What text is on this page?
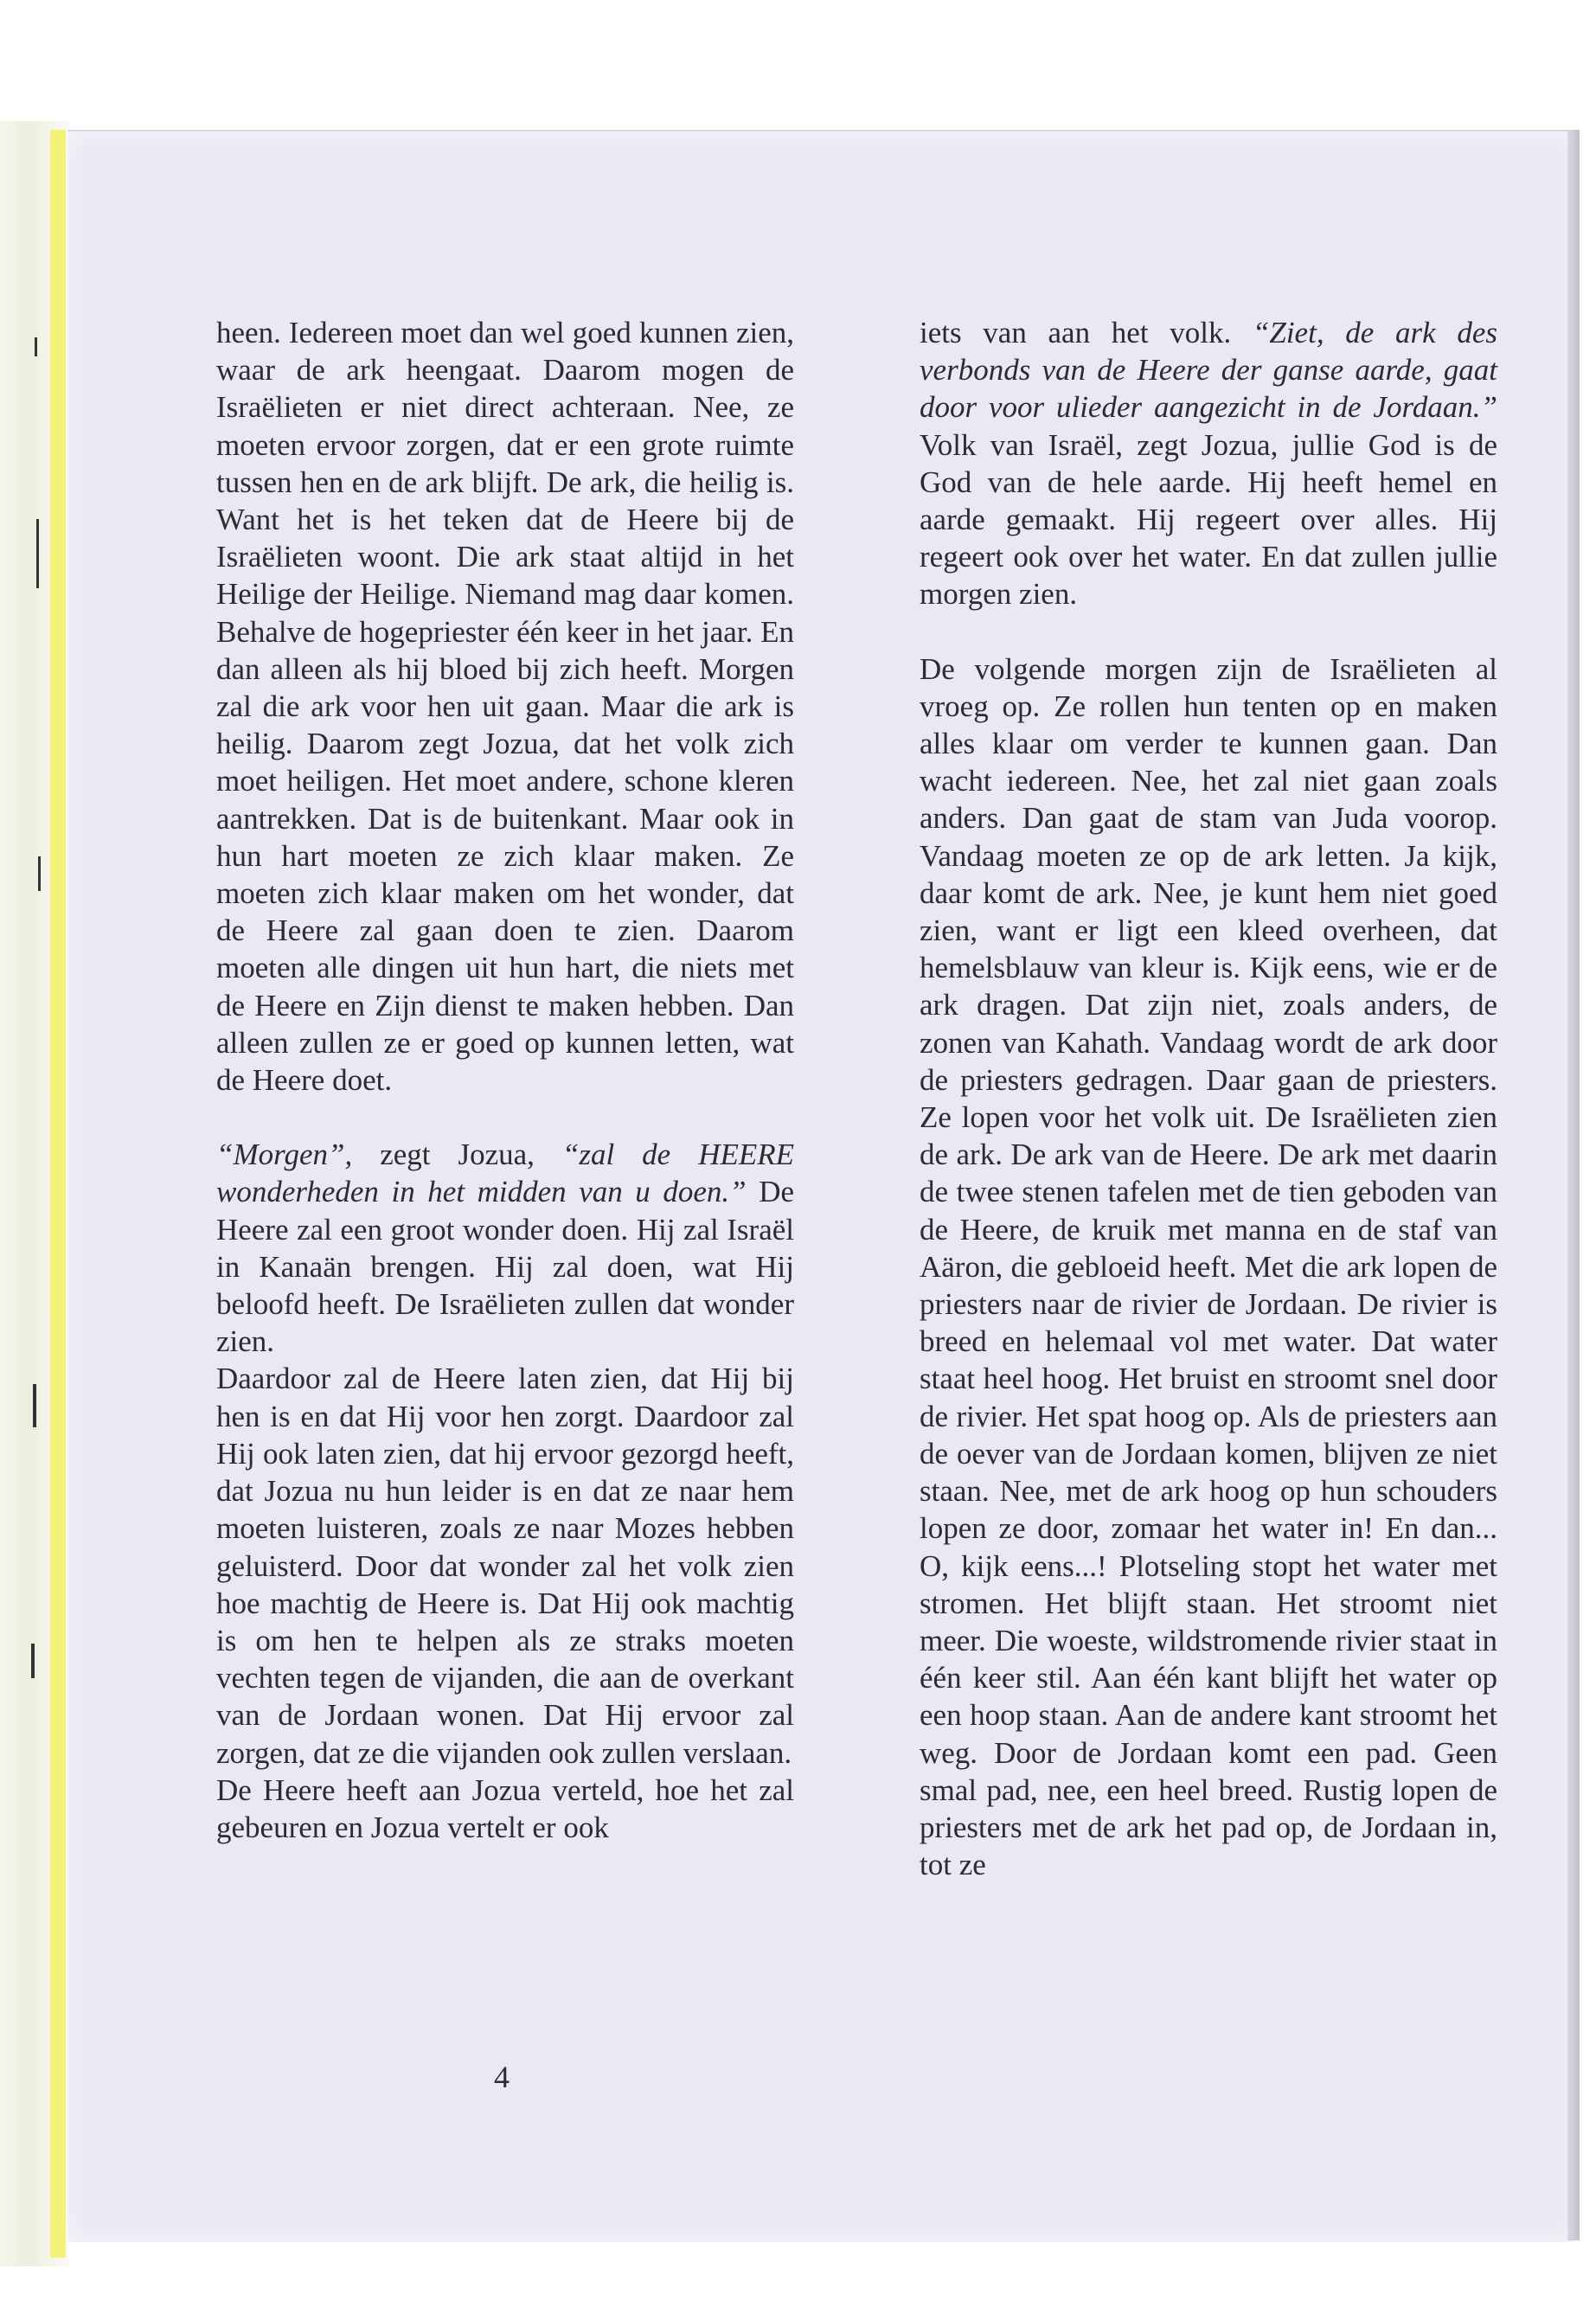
heen. Iedereen moet dan wel goed kunnen zien, waar de ark heengaat. Daarom mogen de Israëlieten er niet direct achteraan. Nee, ze moeten ervoor zorgen, dat er een grote ruimte tussen hen en de ark blijft. De ark, die heilig is. Want het is het teken dat de Heere bij de Israëlieten woont. Die ark staat altijd in het Heilige der Heilige. Niemand mag daar komen. Behalve de hogepriester één keer in het jaar. En dan alleen als hij bloed bij zich heeft. Morgen zal die ark voor hen uit gaan. Maar die ark is heilig. Daarom zegt Jozua, dat het volk zich moet heiligen. Het moet andere, schone kleren aantrekken. Dat is de buitenkant. Maar ook in hun hart moeten ze zich klaar maken. Ze moeten zich klaar maken om het wonder, dat de Heere zal gaan doen te zien. Daarom moeten alle dingen uit hun hart, die niets met de Heere en Zijn dienst te maken hebben. Dan alleen zullen ze er goed op kunnen letten, wat de Heere doet.

“Morgen”, zegt Jozua, “zal de HEERE wonderheden in het midden van u doen.” De Heere zal een groot wonder doen. Hij zal Israël in Kanaän brengen. Hij zal doen, wat Hij beloofd heeft. De Israëlieten zullen dat wonder zien.

Daardoor zal de Heere laten zien, dat Hij bij hen is en dat Hij voor hen zorgt. Daardoor zal Hij ook laten zien, dat hij ervoor gezorgd heeft, dat Jozua nu hun leider is en dat ze naar hem moeten luisteren, zoals ze naar Mozes hebben geluisterd. Door dat wonder zal het volk zien hoe machtig de Heere is. Dat Hij ook machtig is om hen te helpen als ze straks moeten vechten tegen de vijanden, die aan de overkant van de Jordaan wonen. Dat Hij ervoor zal zorgen, dat ze die vijanden ook zullen verslaan.

De Heere heeft aan Jozua verteld, hoe het zal gebeuren en Jozua vertelt er ook

iets van aan het volk. “Ziet, de ark des verbonds van de Heere der ganse aarde, gaat door voor ulieder aangezicht in de Jordaan.” Volk van Israël, zegt Jozua, jullie God is de God van de hele aarde. Hij heeft hemel en aarde gemaakt. Hij regeert over alles. Hij regeert ook over het water. En dat zullen jullie morgen zien.

De volgende morgen zijn de Israëlieten al vroeg op. Ze rollen hun tenten op en maken alles klaar om verder te kunnen gaan. Dan wacht iedereen. Nee, het zal niet gaan zoals anders. Dan gaat de stam van Juda voorop. Vandaag moeten ze op de ark letten. Ja kijk, daar komt de ark. Nee, je kunt hem niet goed zien, want er ligt een kleed overheen, dat hemelsblauw van kleur is. Kijk eens, wie er de ark dragen. Dat zijn niet, zoals anders, de zonen van Kahath. Vandaag wordt de ark door de priesters gedragen. Daar gaan de priesters. Ze lopen voor het volk uit. De Israëlieten zien de ark. De ark van de Heere. De ark met daarin de twee stenen tafelen met de tien geboden van de Heere, de kruik met manna en de staf van Aäron, die gebloeid heeft. Met die ark lopen de priesters naar de rivier de Jordaan. De rivier is breed en helemaal vol met water. Dat water staat heel hoog. Het bruist en stroomt snel door de rivier. Het spat hoog op. Als de priesters aan de oever van de Jordaan komen, blijven ze niet staan. Nee, met de ark hoog op hun schouders lopen ze door, zomaar het water in! En dan... O, kijk eens...! Plotseling stopt het water met stromen. Het blijft staan. Het stroomt niet meer. Die woeste, wildstromende rivier staat in één keer stil. Aan één kant blijft het water op een hoop staan. Aan de andere kant stroomt het weg. Door de Jordaan komt een pad. Geen smal pad, nee, een heel breed. Rustig lopen de priesters met de ark het pad op, de Jordaan in, tot ze

4
